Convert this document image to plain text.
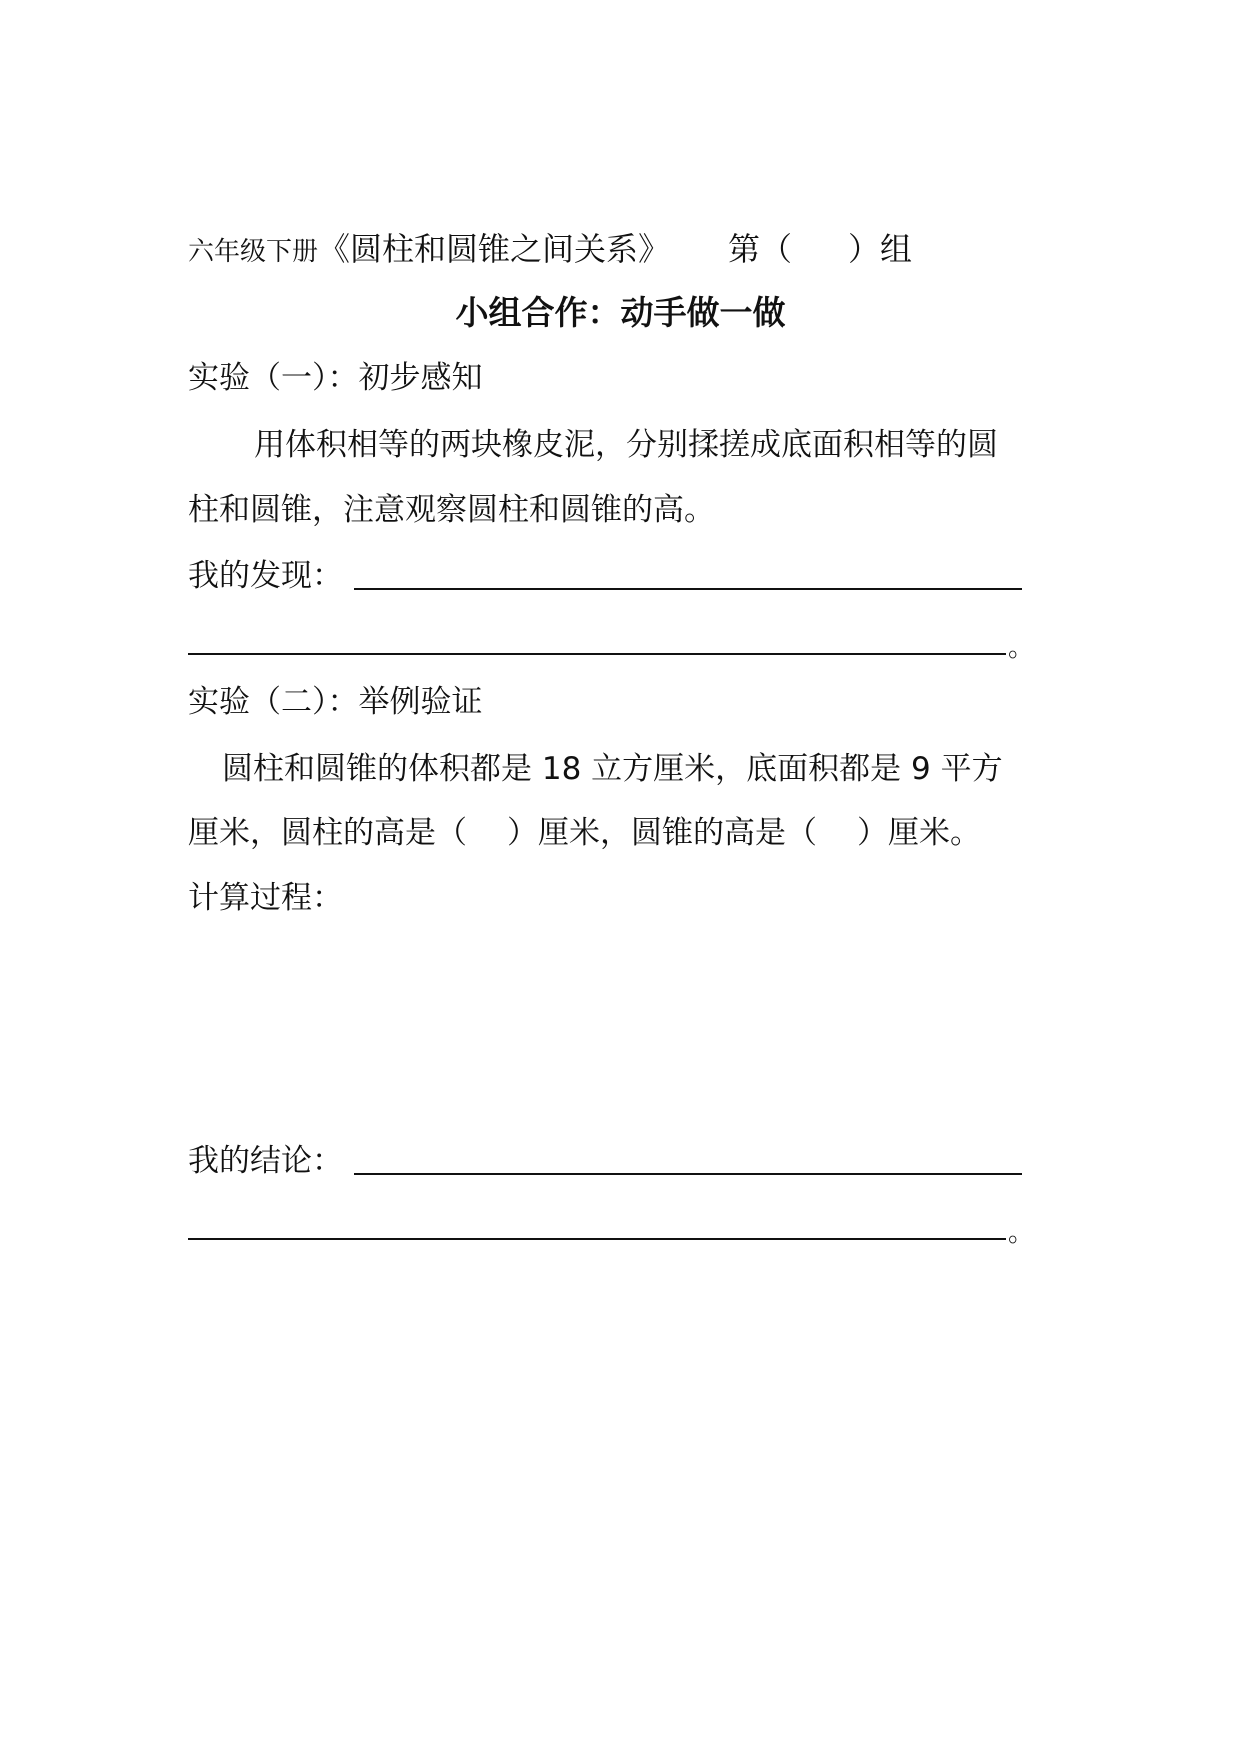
六年级下册《圆柱和圆锥之间关系》 第（ ）组
小组合作：动手做一做
实验（一）：初步感知
用体积相等的两块橡皮泥，分别揉搓成底面积相等的圆
柱和圆锥，注意观察圆柱和圆锥的高。
我的发现：
。
实验（二）：举例验证
圆柱和圆锥的体积都是 18 立方厘米，底面积都是 9 平方
厘米，圆柱的高是（ ）厘米，圆锥的高是（ ）厘米。
计算过程：
我的结论：
。
